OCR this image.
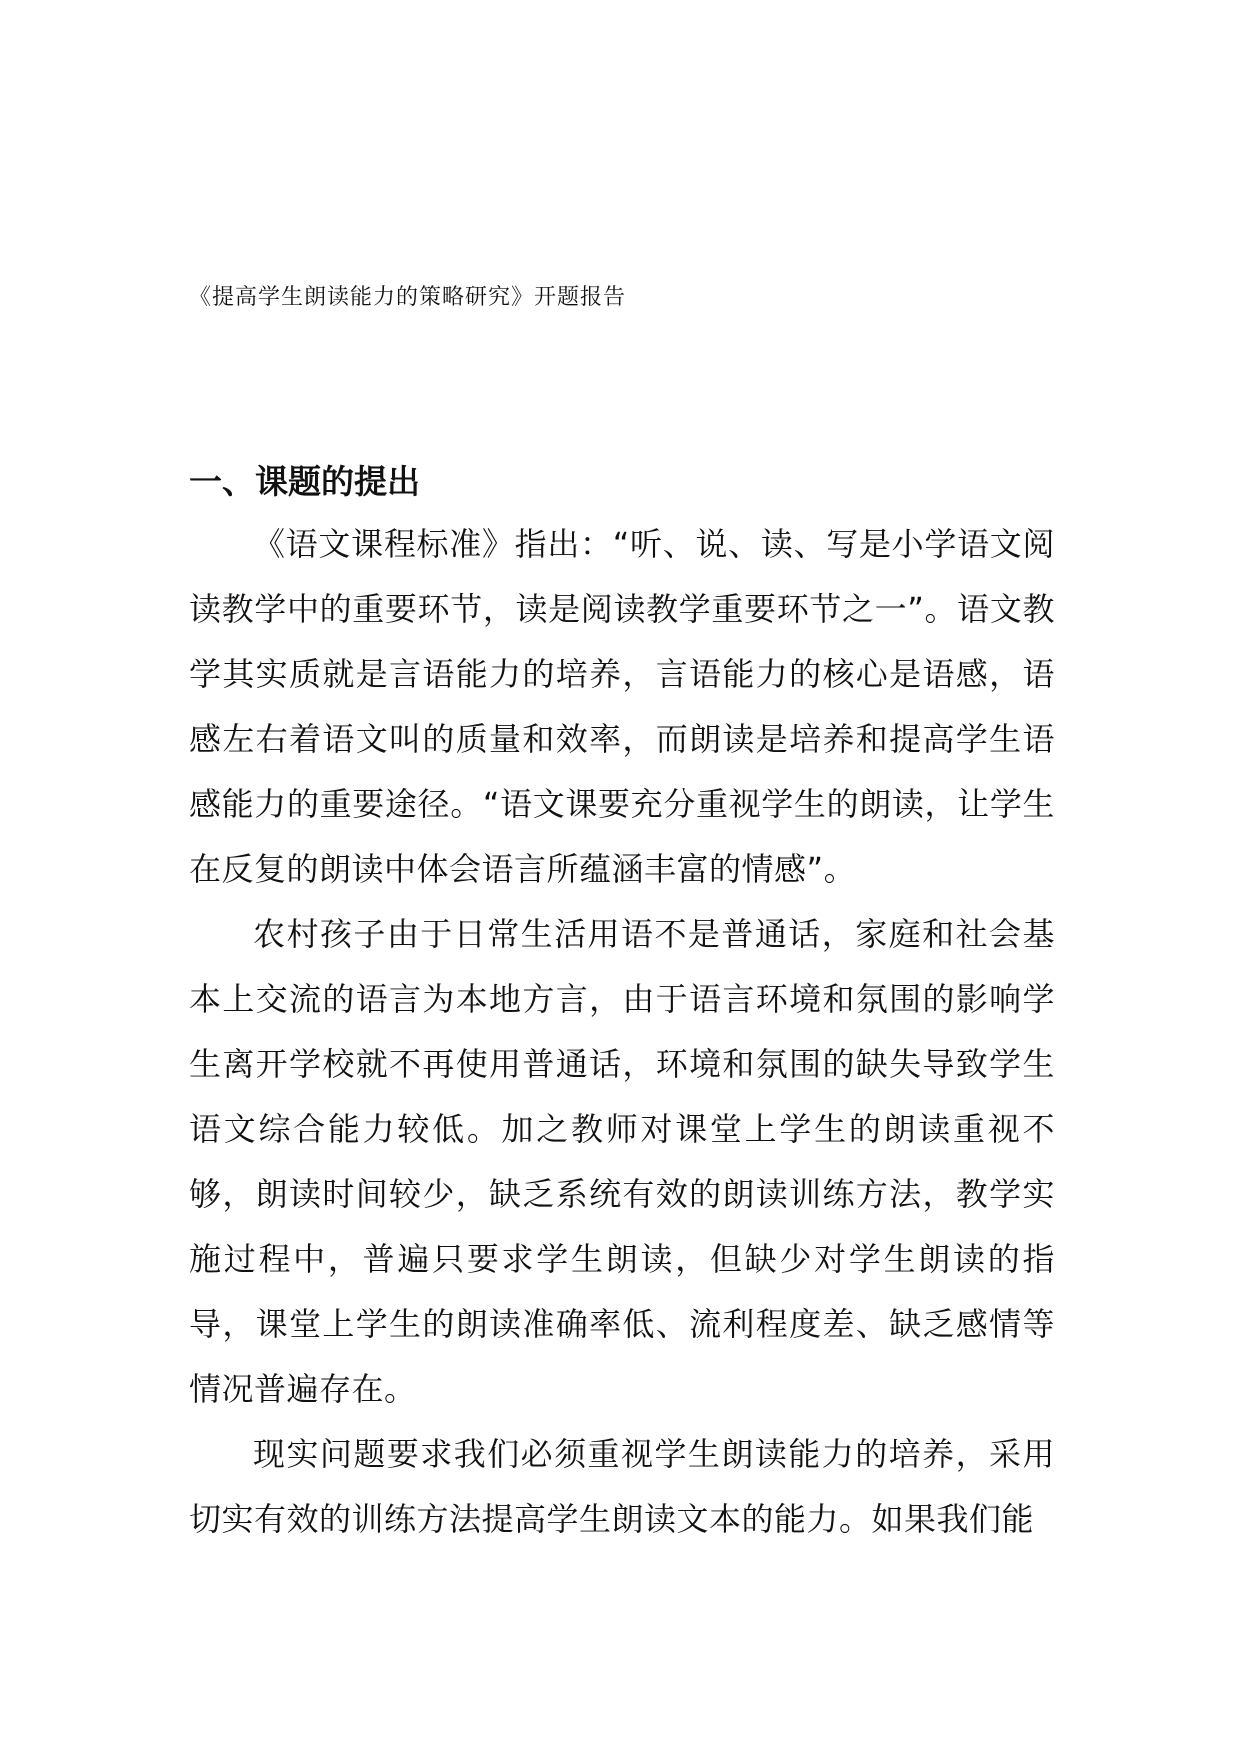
《提高学生朗读能力的策略研究》开题报告
一、课题的提出

《语文课程标准》指出：“听、说、读、写是小学语文阅读教学中的重要环节，读是阅读教学重要环节之一”。语文教学其实质就是言语能力的培养，言语能力的核心是语感，语感左右着语文叫的质量和效率，而朗读是培养和提高学生语感能力的重要途径。“语文课要充分重视学生的朗读，让学生在反复的朗读中体会语言所蕴涵丰富的情感”。

农村孩子由于日常生活用语不是普通话，家庭和社会基本上交流的语言为本地方言，由于语言环境和氛围的影响学生离开学校就不再使用普通话，环境和氛围的缺失导致学生语文综合能力较低。加之教师对课堂上学生的朗读重视不够，朗读时间较少，缺乏系统有效的朗读训练方法，教学实施过程中，普遍只要求学生朗读，但缺少对学生朗读的指导，课堂上学生的朗读准确率低、流利程度差、缺乏感情等情况普遍存在。

现实问题要求我们必须重视学生朗读能力的培养，采用切实有效的训练方法提高学生朗读文本的能力。如果我们能
